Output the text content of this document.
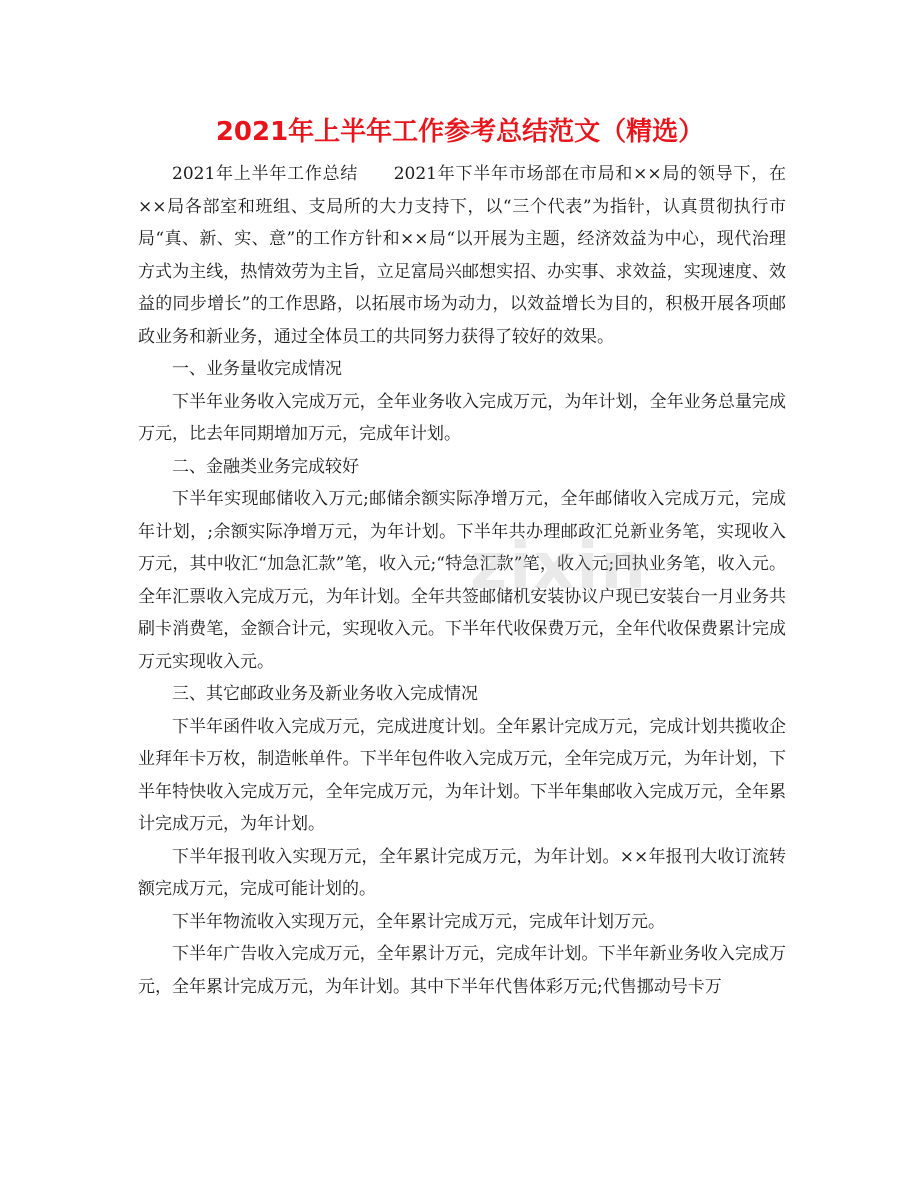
2021年上半年工作参考总结范文（精选）

2021年上半年工作总结　　2021年下半年市场部在市局和××局的领导下，在××局各部室和班组、支局所的大力支持下，以“三个代表”为指针，认真贯彻执行市局“真、新、实、意”的工作方针和××局“以开展为主题，经济效益为中心，现代治理方式为主线，热情效劳为主旨，立足富局兴邮想实招、办实事、求效益，实现速度、效益的同步增长”的工作思路，以拓展市场为动力，以效益增长为目的，积极开展各项邮政业务和新业务，通过全体员工的共同努力获得了较好的效果。

一、业务量收完成情况

下半年业务收入完成万元，全年业务收入完成万元，为年计划，全年业务总量完成万元，比去年同期增加万元，完成年计划。

二、金融类业务完成较好

下半年实现邮储收入万元;邮储余额实际净增万元，全年邮储收入完成万元，完成年计划，;余额实际净增万元，为年计划。下半年共办理邮政汇兑新业务笔，实现收入万元，其中收汇“加急汇款”笔，收入元;“特急汇款”笔，收入元;回执业务笔，收入元。全年汇票收入完成万元，为年计划。全年共签邮储机安装协议户现已安装台一月业务共刷卡消费笔，金额合计元，实现收入元。下半年代收保费万元，全年代收保费累计完成万元实现收入元。

三、其它邮政业务及新业务收入完成情况

下半年函件收入完成万元，完成进度计划。全年累计完成万元，完成计划共揽收企业拜年卡万枚，制造帐单件。下半年包件收入完成万元，全年完成万元，为年计划，下半年特快收入完成万元，全年完成万元，为年计划。下半年集邮收入完成万元，全年累计完成万元，为年计划。

下半年报刊收入实现万元，全年累计完成万元，为年计划。××年报刊大收订流转额完成万元，完成可能计划的。

下半年物流收入实现万元，全年累计完成万元，完成年计划万元。

下半年广告收入完成万元，全年累计万元，完成年计划。下半年新业务收入完成万元，全年累计完成万元，为年计划。其中下半年代售体彩万元;代售挪动号卡万

zixin
